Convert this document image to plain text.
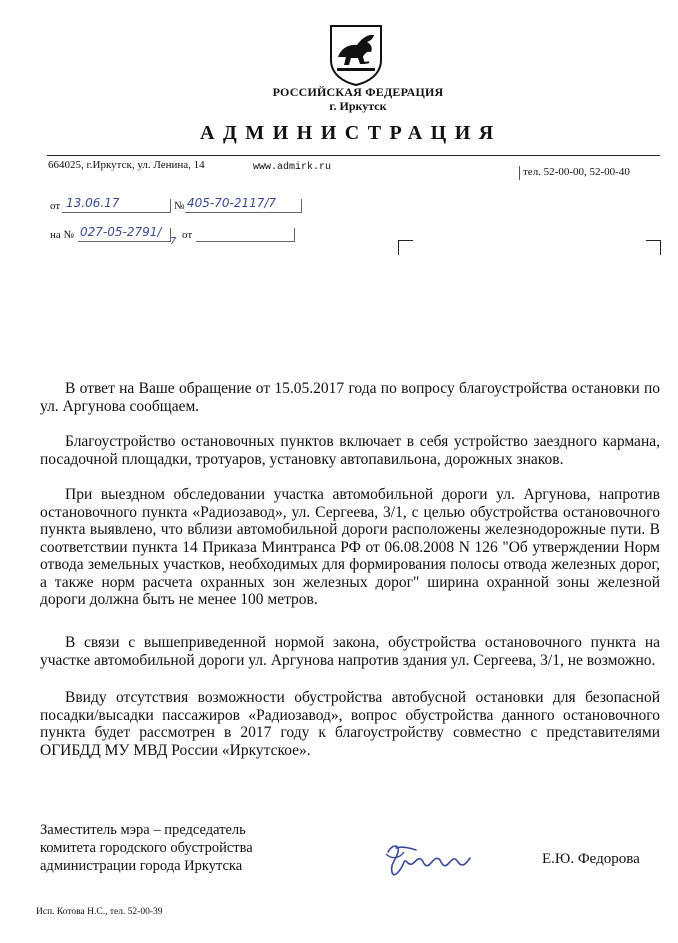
РОССИЙСКАЯ ФЕДЕРАЦИЯ
г. Иркутск
АДМИНИСТРАЦИЯ
664025, г.Иркутск, ул. Ленина, 14	www.admirk.ru	тел. 52-00-00, 52-00-40
от 13.06.17	№ 405-70-2117/7
на № 027-05-2791/
7
от

В ответ на Ваше обращение от 15.05.2017 года по вопросу благоустройства остановки по ул. Аргунова сообщаем.

Благоустройство остановочных пунктов включает в себя устройство заездного кармана, посадочной площадки, тротуаров, установку автопавильона, дорожных знаков.

При выездном обследовании участка автомобильной дороги ул. Аргунова, напротив остановочного пункта «Радиозавод», ул. Сергеева, 3/1, с целью обустройства остановочного пункта выявлено, что вблизи автомобильной дороги расположены железнодорожные пути. В соответствии пункта 14 Приказа Минтранса РФ от 06.08.2008 N 126 "Об утверждении Норм отвода земельных участков, необходимых для формирования полосы отвода железных дорог, а также норм расчета охранных зон железных дорог" ширина охранной зоны железной дороги должна быть не менее 100 метров.

В связи с вышеприведенной нормой закона, обустройства остановочного пункта на участке автомобильной дороги ул. Аргунова напротив здания ул. Сергеева, 3/1, не возможно.

Ввиду отсутствия возможности обустройства автобусной остановки для безопасной посадки/высадки пассажиров «Радиозавод», вопрос обустройства данного остановочного пункта будет рассмотрен в 2017 году к благоустройству совместно с представителями ОГИБДД МУ МВД России «Иркутское».

Заместитель мэра – председатель
комитета городского обустройства
администрации города Иркутска	Е.Ю. Федорова
Исп. Котова Н.С., тел. 52-00-39
